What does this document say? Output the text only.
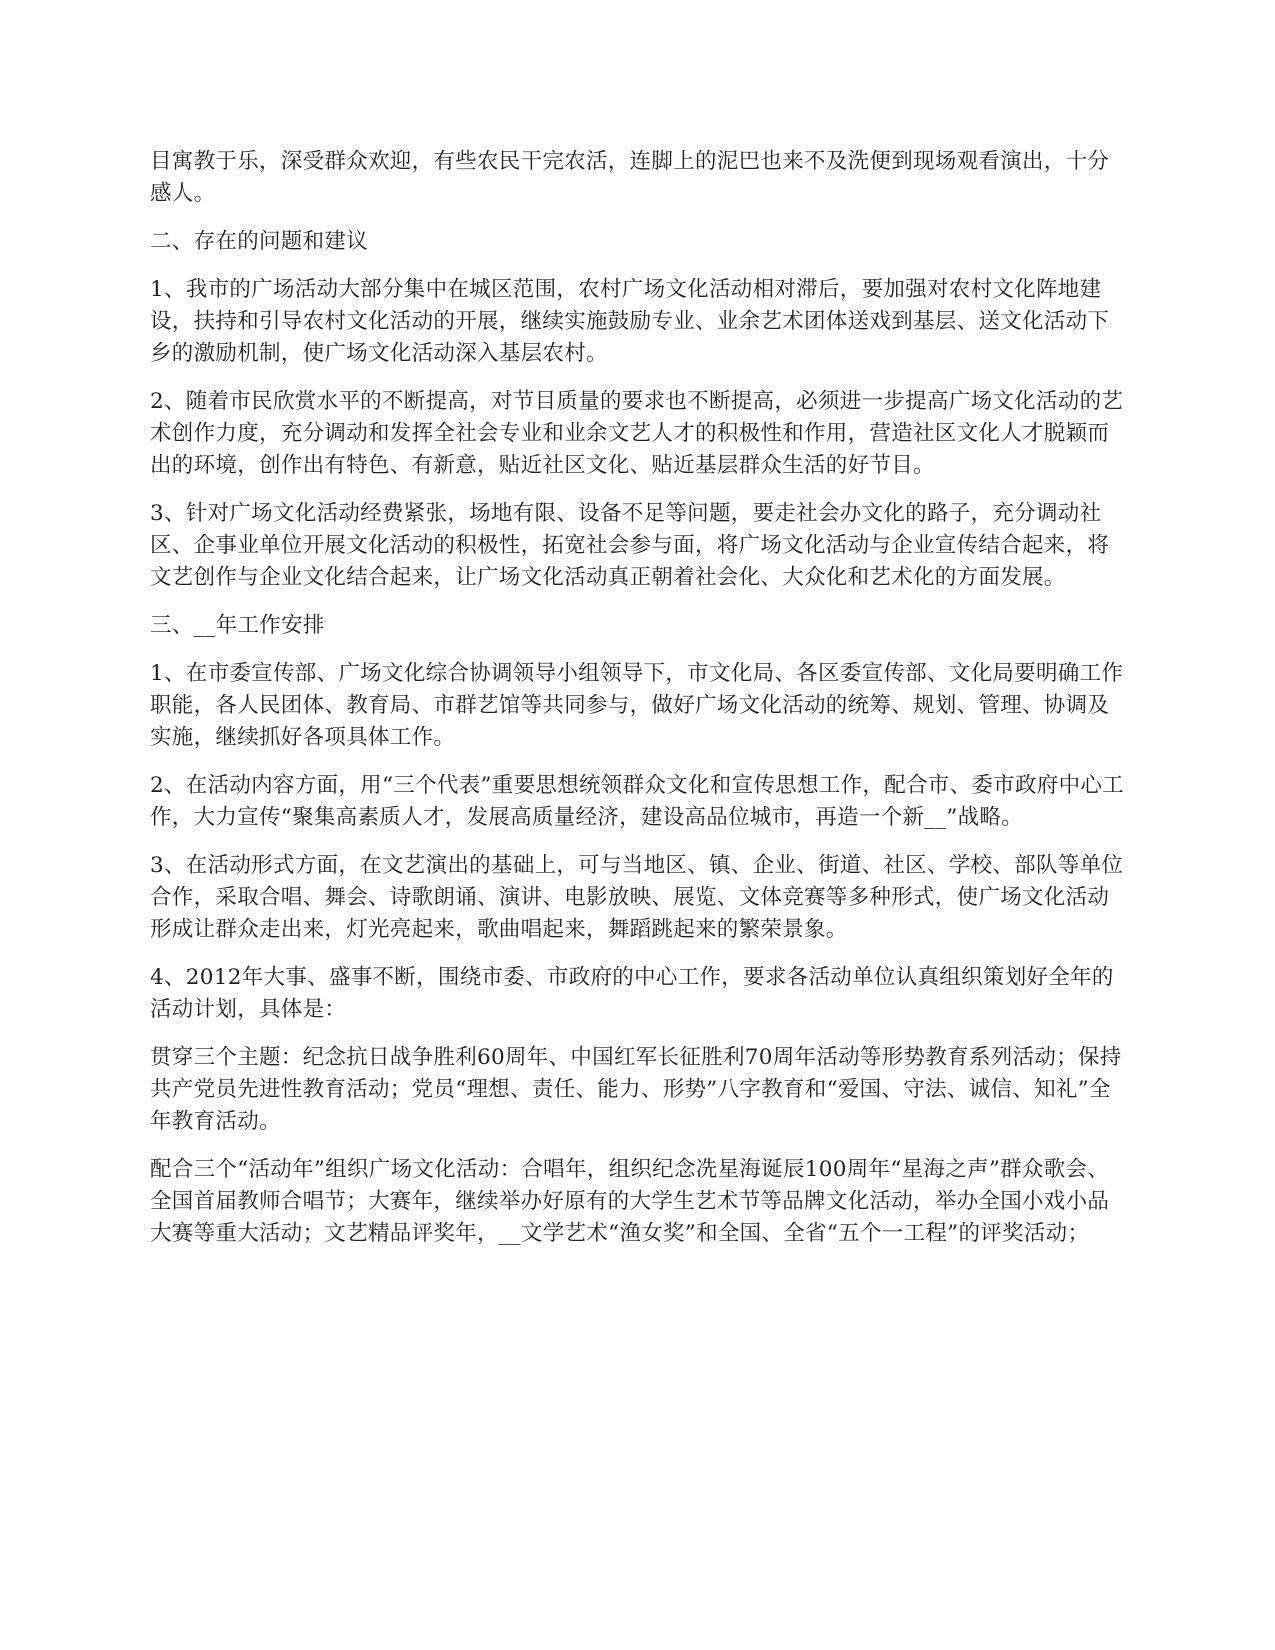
目寓教于乐，深受群众欢迎，有些农民干完农活，连脚上的泥巴也来不及洗便到现场观看演出，十分感人。

二、存在的问题和建议

1、我市的广场活动大部分集中在城区范围，农村广场文化活动相对滞后，要加强对农村文化阵地建设，扶持和引导农村文化活动的开展，继续实施鼓励专业、业余艺术团体送戏到基层、送文化活动下乡的激励机制，使广场文化活动深入基层农村。

2、随着市民欣赏水平的不断提高，对节目质量的要求也不断提高，必须进一步提高广场文化活动的艺术创作力度，充分调动和发挥全社会专业和业余文艺人才的积极性和作用，营造社区文化人才脱颖而出的环境，创作出有特色、有新意，贴近社区文化、贴近基层群众生活的好节目。

3、针对广场文化活动经费紧张，场地有限、设备不足等问题，要走社会办文化的路子，充分调动社区、企事业单位开展文化活动的积极性，拓宽社会参与面，将广场文化活动与企业宣传结合起来，将文艺创作与企业文化结合起来，让广场文化活动真正朝着社会化、大众化和艺术化的方面发展。

三、__年工作安排

1、在市委宣传部、广场文化综合协调领导小组领导下，市文化局、各区委宣传部、文化局要明确工作职能，各人民团体、教育局、市群艺馆等共同参与，做好广场文化活动的统筹、规划、管理、协调及实施，继续抓好各项具体工作。

2、在活动内容方面，用“三个代表”重要思想统领群众文化和宣传思想工作，配合市、委市政府中心工作，大力宣传“聚集高素质人才，发展高质量经济，建设高品位城市，再造一个新__”战略。

3、在活动形式方面，在文艺演出的基础上，可与当地区、镇、企业、街道、社区、学校、部队等单位合作，采取合唱、舞会、诗歌朗诵、演讲、电影放映、展览、文体竞赛等多种形式，使广场文化活动形成让群众走出来，灯光亮起来，歌曲唱起来，舞蹈跳起来的繁荣景象。

4、2012年大事、盛事不断，围绕市委、市政府的中心工作，要求各活动单位认真组织策划好全年的活动计划，具体是：

贯穿三个主题：纪念抗日战争胜利60周年、中国红军长征胜利70周年活动等形势教育系列活动；保持共产党员先进性教育活动；党员“理想、责任、能力、形势”八字教育和“爱国、守法、诚信、知礼”全年教育活动。

配合三个“活动年”组织广场文化活动：合唱年，组织纪念冼星海诞辰100周年“星海之声”群众歌会、全国首届教师合唱节；大赛年，继续举办好原有的大学生艺术节等品牌文化活动，举办全国小戏小品大赛等重大活动；文艺精品评奖年，__文学艺术“渔女奖”和全国、全省“五个一工程”的评奖活动；
